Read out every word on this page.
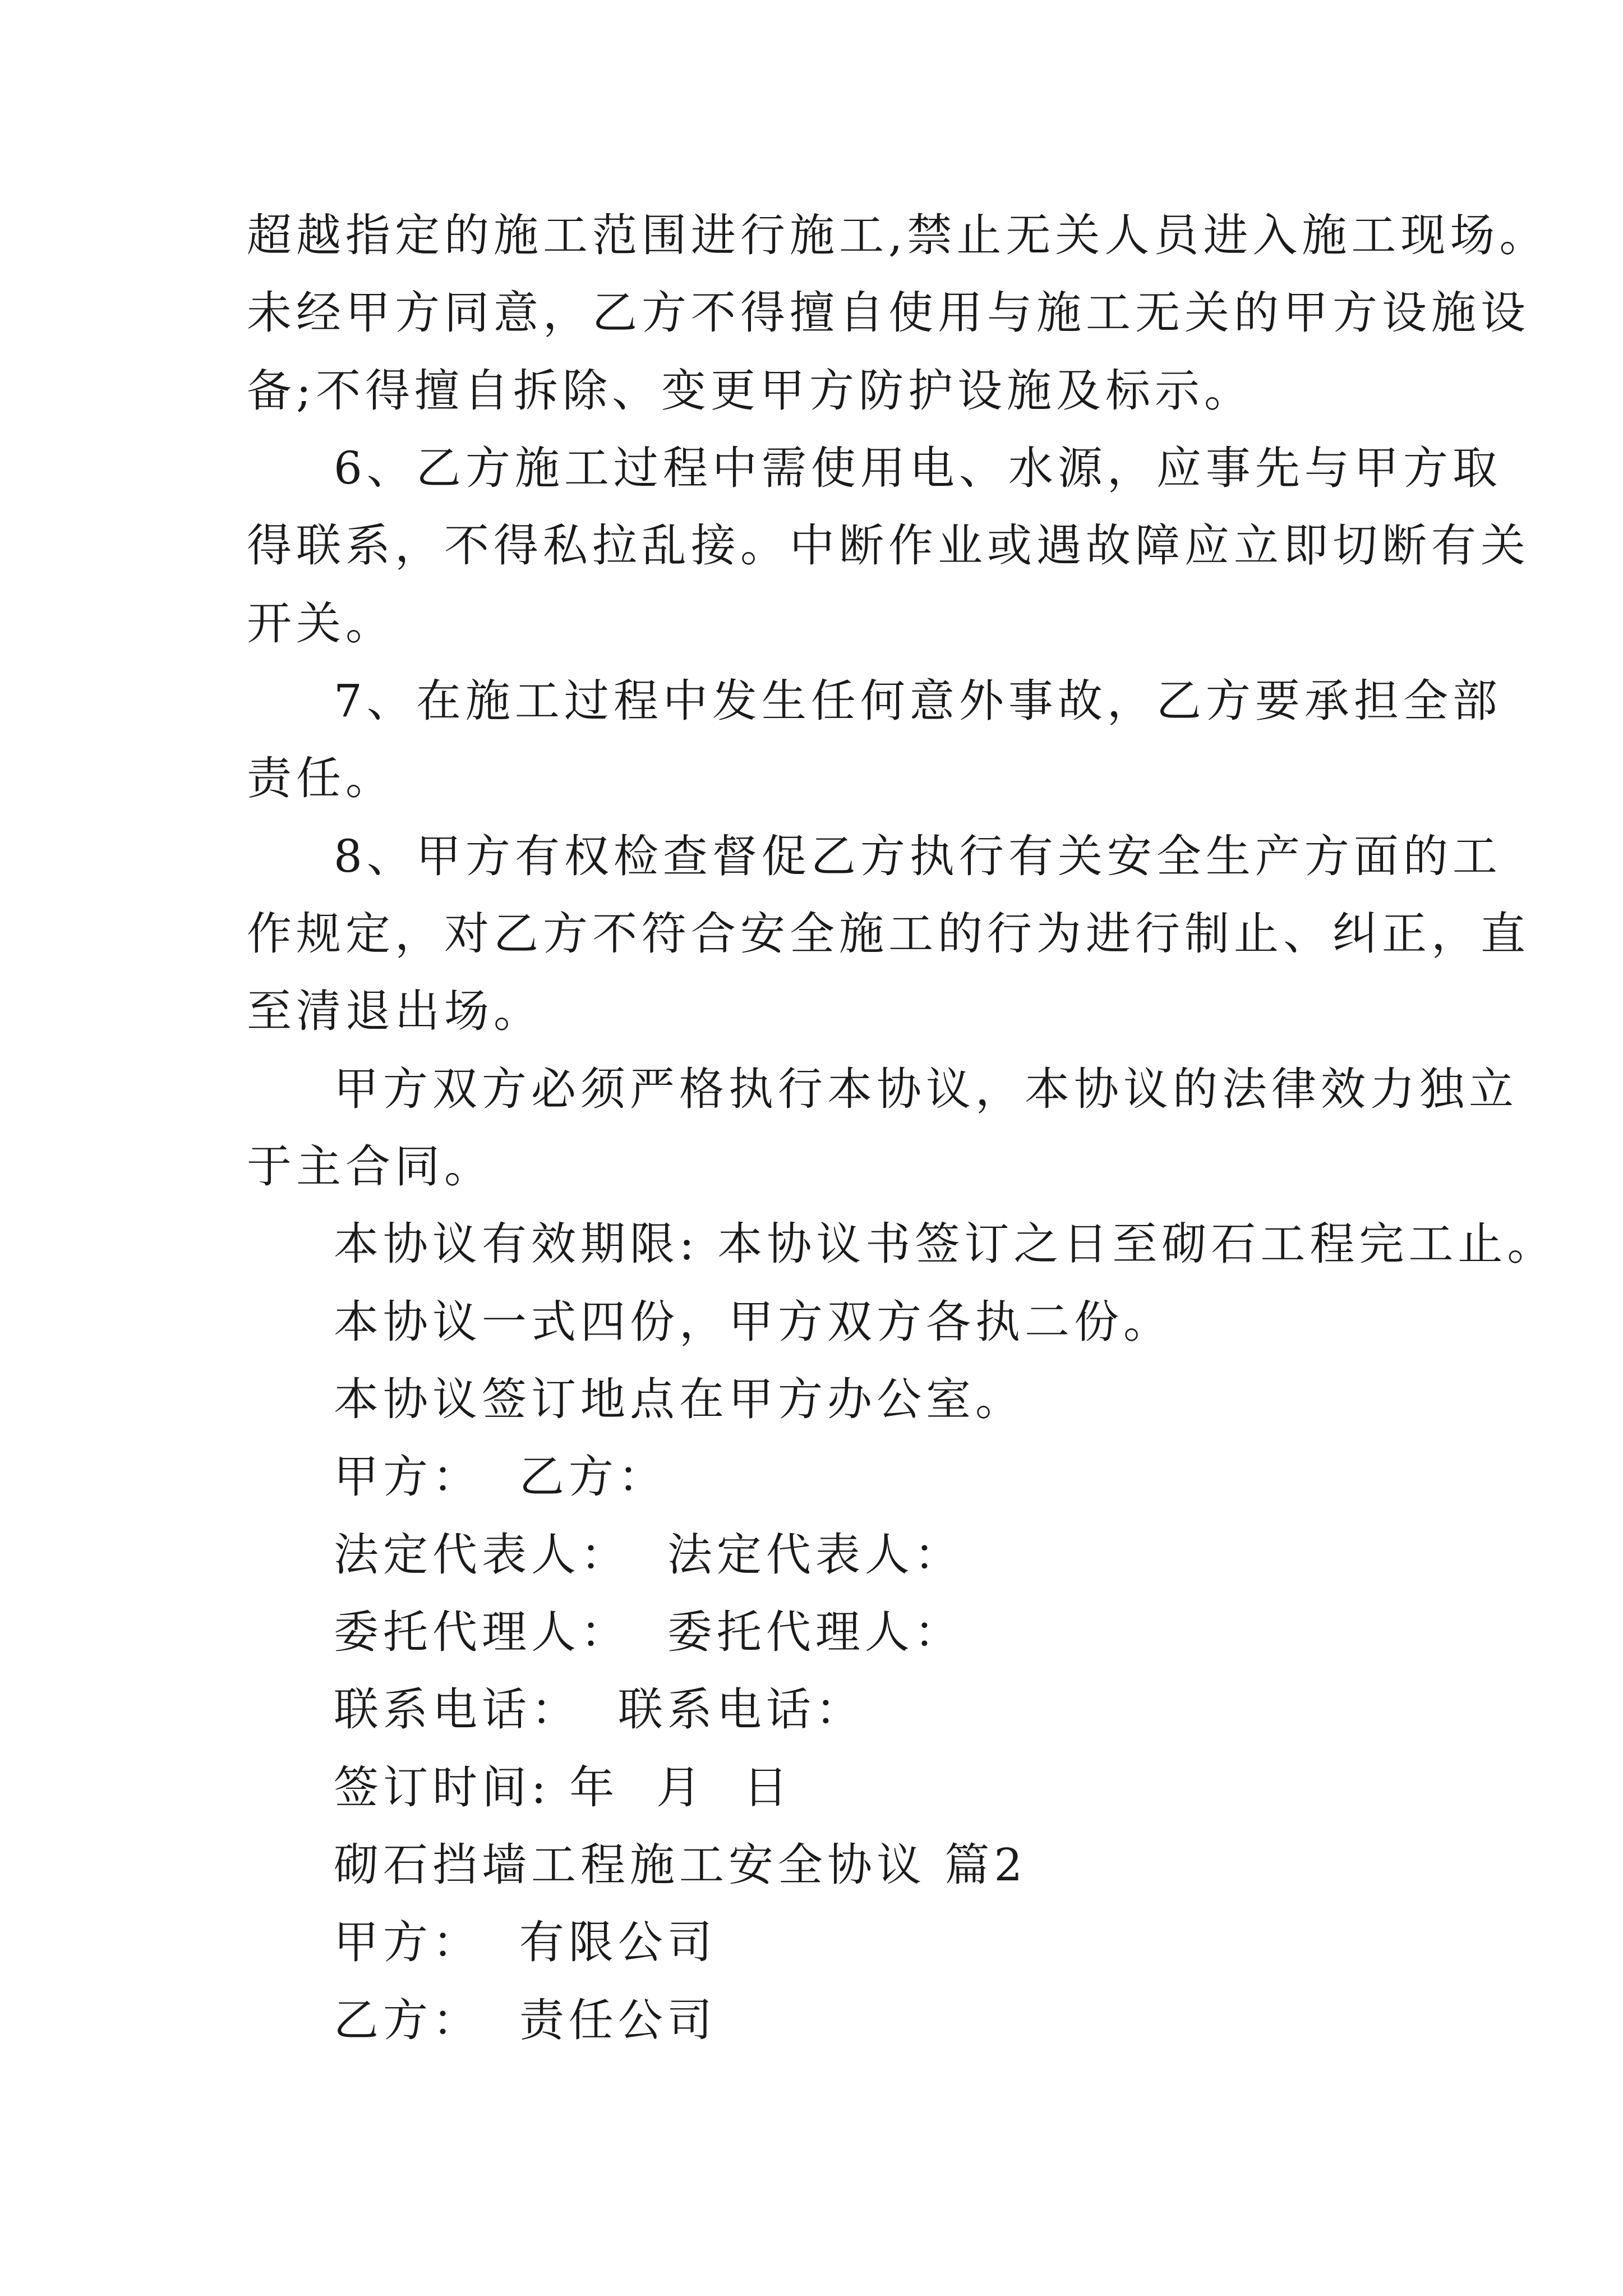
超越指定的施工范围进行施工,禁止无关人员进入施工现场。
未经甲方同意，乙方不得擅自使用与施工无关的甲方设施设
备;不得擅自拆除、变更甲方防护设施及标示。
6、乙方施工过程中需使用电、水源，应事先与甲方取
得联系，不得私拉乱接。中断作业或遇故障应立即切断有关
开关。
7、在施工过程中发生任何意外事故，乙方要承担全部
责任。
8、甲方有权检查督促乙方执行有关安全生产方面的工
作规定，对乙方不符合安全施工的行为进行制止、纠正，直
至清退出场。
甲方双方必须严格执行本协议，本协议的法律效力独立
于主合同。
本协议有效期限: 本协议书签订之日至砌石工程完工止。
本协议一式四份，甲方双方各执二份。
本协议签订地点在甲方办公室。
甲方：  乙方：
法定代表人：  法定代表人：
委托代理人：  委托代理人：
联系电话：  联系电话：
签订时间: 年  月  日
砌石挡墙工程施工安全协议 篇2
甲方：  有限公司
乙方：  责任公司
